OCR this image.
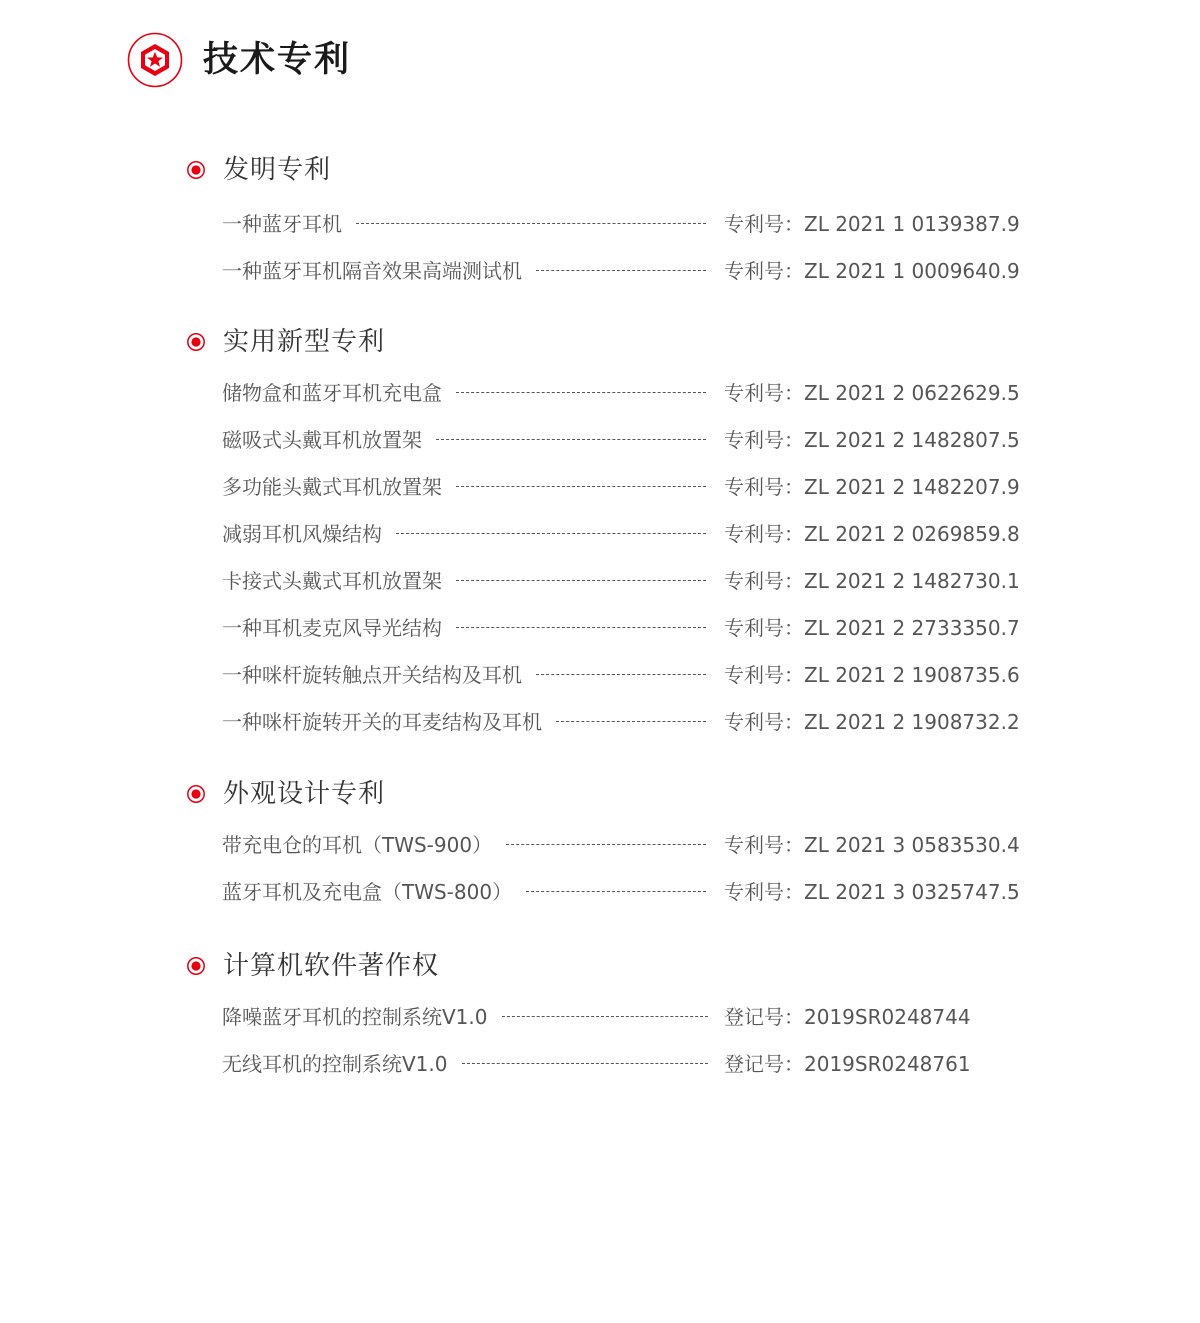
技术专利
发明专利
一种蓝牙耳机	专利号：ZL 2021 1 0139387.9
一种蓝牙耳机隔音效果高端测试机	专利号：ZL 2021 1 0009640.9
实用新型专利
储物盒和蓝牙耳机充电盒	专利号：ZL 2021 2 0622629.5
磁吸式头戴耳机放置架	专利号：ZL 2021 2 1482807.5
多功能头戴式耳机放置架	专利号：ZL 2021 2 1482207.9
减弱耳机风燥结构	专利号：ZL 2021 2 0269859.8
卡接式头戴式耳机放置架	专利号：ZL 2021 2 1482730.1
一种耳机麦克风导光结构	专利号：ZL 2021 2 2733350.7
一种咪杆旋转触点开关结构及耳机	专利号：ZL 2021 2 1908735.6
一种咪杆旋转开关的耳麦结构及耳机	专利号：ZL 2021 2 1908732.2
外观设计专利
带充电仓的耳机（TWS-900）	专利号：ZL 2021 3 0583530.4
蓝牙耳机及充电盒（TWS-800）	专利号：ZL 2021 3 0325747.5
计算机软件著作权
降噪蓝牙耳机的控制系统V1.0	登记号：2019SR0248744
无线耳机的控制系统V1.0	登记号：2019SR0248761
